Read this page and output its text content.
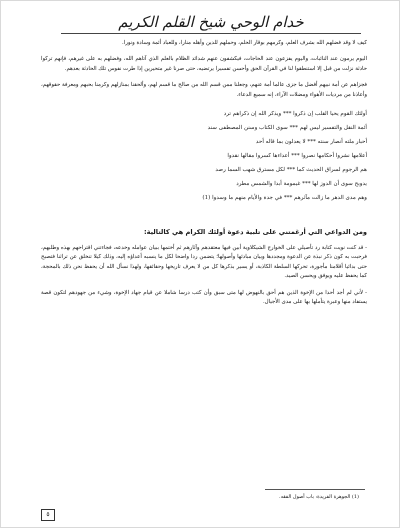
خدام الوحي شيخ القلم الكريم

كيف لا وقد فضلهم الله بشرف العلم، وكرمهم بوقار الحلم، وحملهم للدين وأهله منارا، وللعباد أئمة وسادة ونورا.

اليوم يرمون عند النائبات، واليوم يفزعون عند الحاجات، فيكشفون عنهم شدائد الظلام بالعلم الذي آتاهم الله، وفضلهم به على غيرهم، فإنهم تركوا حادثة نزلت من قبل إلا استنطقوا لنا في القرآن الحق وأحسن تفسيرا يرتضيه، حتى صرنا غير متحيرين إذا طرت نفوس تلك الحادثة بعدهم.

فجزاهم عن أمة نبيهم أفضل ما جزى عالما أمة عنهم، وجعلنا ممن قسم الله من صالح ما قسم لهم، وألحقنا بمنازلهم وكرمنا بحبهم ومعرفة حقوقهم، وأعاذنا من مرديات الأهواء ومضلات الآراء، إنه سميع الدعاء.

أولئك القوم يحيا القلب إن ذكروا *** ويذكر الله إن ذكراهم ترد
أئمة النقل والتفسير ليس لهم *** سوى الكتاب وسنن المصطفى سند
أحبار ملته أنصار سنته *** لا يعدلون بما قاله أحد
أعلامها نشروا أحكامها نصروا *** أعداءها كسروا مقالها نقدوا
هم الرجوم لسراق الحديث كما *** لكل مسترق شهب السما رصد
يدوبح سوى أن الدوز لها *** غيمومة أبدا والشمس مطرد
وهم مدى الدهر ما زالت مآثرهم *** في جدة والأيام منهم ما وسدوا (1)
ومن الدواعي التي أرغمتني على تلبية دعوة أولئك الكرام هي كالتالية:

- قد كنت نويت كتابة رد تأصيلي على الخوارج الشيكلاوية أبين فيها معتقدهم وآثارهم ثم أختمها ببيان عوامله وخدعه، فجاءتني اقتراحهم بهذه وطلبهم، فرحبت به كون ذكر نبذة عن الدعوة ومجددها وبيان مبادئها وأصولها؛ يتضمن ردا واضحا لكل ما ينسبه أعداؤه إليه، وذلك كيلا تنخلق عن تراثنا فتصبح حتى بدائيا أقلامنا مأجورة، تحركها السلطة الكاذبة، أو يسير بذكرها كل من لا يعرف تاريخها وحقائقها، ولهذا نسأل الله أن يحفظ نحن ذلك بالمحجة، كما يحفظ عليه ويوفق ويحسن الصيد.

- لأني لم أجد أحدا من الإخوة الذين هم أحق بالنهوض لها متى سبق وأن كتب درسا شاملا عن قيام جهاد الإخوة، وشيء من جهودهم لتكون قصة يستفاد منها وعبرة يتأملها بها على مدى الأجيال.

(1) الجوهرة الفريدة: باب أصول الفقه.
٥
